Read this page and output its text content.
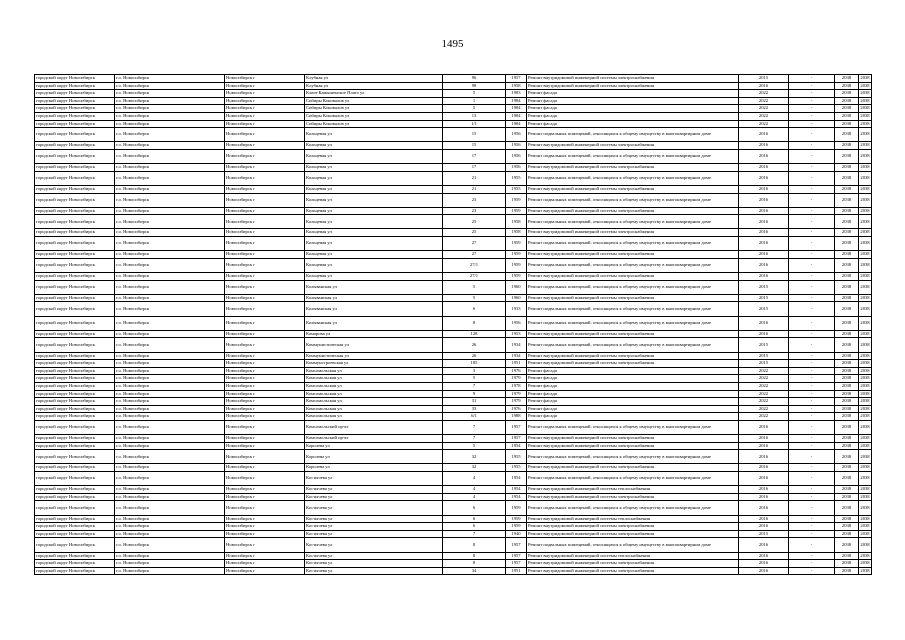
1495
городской округ Новосибирск	г.о. Новосибирск	Новосибирск г	Клубная ул	96	1957	Ремонт внутридомовой инженерной системы электроснабжения	2015	-	2038	2038
городской округ Новосибирск	г.о. Новосибирск	Новосибирск г	Клубная ул	98	1958	Ремонт внутридомовой инженерной системы электроснабжения	2016	-	2038	2038
городской округ Новосибирск	г.о. Новосибирск	Новосибирск г	Ключ-Камышенское Плато ул	5	1983	Ремонт фасада	2022	-	2038	2038
городской округ Новосибирск	г.о. Новосибирск	Новосибирск г	Сибиры Коновалов ул	1	1984	Ремонт фасада	2022	-	2038	2038
городской округ Новосибирск	г.о. Новосибирск	Новосибирск г	Сибиры Коновалов ул	5	1984	Ремонт фасада	2022	-	2038	2038
городской округ Новосибирск	г.о. Новосибирск	Новосибирск г	Сибиры Коновалов ул	13	1984	Ремонт фасада	2022	-	2038	2038
городской округ Новосибирск	г.о. Новосибирск	Новосибирск г	Сибиры Коновалов ул	1/1	1984	Ремонт фасада	2022	-	2038	2038
городской округ Новосибирск	г.о. Новосибирск	Новосибирск г	Кольцевая ул	15	1956	Ремонт подвальных помещений, относящихся к общему имуществу в многоквартирном доме	2016	-	2038	2038
городской округ Новосибирск	г.о. Новосибирск	Новосибирск г	Кольцевая ул	15	1956	Ремонт внутридомовой инженерной системы электроснабжения	2016	-	2038	2038
городской округ Новосибирск	г.о. Новосибирск	Новосибирск г	Кольцевая ул	17	1956	Ремонт подвальных помещений, относящихся к общему имуществу в многоквартирном доме	2016	-	2038	2038
городской округ Новосибирск	г.о. Новосибирск	Новосибирск г	Кольцевая ул	17	1956	Ремонт внутридомовой инженерной системы электроснабжения	2016	-	2038	2038
городской округ Новосибирск	г.о. Новосибирск	Новосибирск г	Кольцевая ул	21	1955	Ремонт подвальных помещений, относящихся к общему имуществу в многоквартирном доме	2016	-	2038	2038
городской округ Новосибирск	г.о. Новосибирск	Новосибирск г	Кольцевая ул	21	1955	Ремонт внутридомовой инженерной системы электроснабжения	2016	-	2038	2038
городской округ Новосибирск	г.о. Новосибирск	Новосибирск г	Кольцевая ул	23	1959	Ремонт подвальных помещений, относящихся к общему имуществу в многоквартирном доме	2016	-	2038	2038
городской округ Новосибирск	г.о. Новосибирск	Новосибирск г	Кольцевая ул	23	1959	Ремонт внутридомовой инженерной системы электроснабжения	2016	-	2038	2038
городской округ Новосибирск	г.о. Новосибирск	Новосибирск г	Кольцевая ул	25	1958	Ремонт подвальных помещений, относящихся к общему имуществу в многоквартирном доме	2016	-	2038	2038
городской округ Новосибирск	г.о. Новосибирск	Новосибирск г	Кольцевая ул	25	1958	Ремонт внутридомовой инженерной системы электроснабжения	2016	-	2038	2038
городской округ Новосибирск	г.о. Новосибирск	Новосибирск г	Кольцевая ул	27	1959	Ремонт подвальных помещений, относящихся к общему имуществу в многоквартирном доме	2016	-	2038	2038
городской округ Новосибирск	г.о. Новосибирск	Новосибирск г	Кольцевая ул	27	1959	Ремонт внутридомовой инженерной системы электроснабжения	2016	-	2038	2038
городской округ Новосибирск	г.о. Новосибирск	Новосибирск г	Кольцевая ул	27/1	1959	Ремонт подвальных помещений, относящихся к общему имуществу в многоквартирном доме	2016	-	2038	2038
городской округ Новосибирск	г.о. Новосибирск	Новосибирск г	Кольцевая ул	27/1	1959	Ремонт внутридомовой инженерной системы электроснабжения	2016	-	2038	2038
городской округ Новосибирск	г.о. Новосибирск	Новосибирск г	Колыванская ул	5	1960	Ремонт подвальных помещений, относящихся к общему имуществу в многоквартирном доме	2015	-	2038	2038
городской округ Новосибирск	г.о. Новосибирск	Новосибирск г	Колыванская ул	5	1960	Ремонт внутридомовой инженерной системы электроснабжения	2015	-	2038	2038
городской округ Новосибирск	г.о. Новосибирск	Новосибирск г	Колыванская ул	6	1933	Ремонт подвальных помещений, относящихся к общему имуществу в многоквартирном доме	2015	-	2038	2038
городской округ Новосибирск	г.о. Новосибирск	Новосибирск г	Колыванская ул	8	1956	Ремонт подвальных помещений, относящихся к общему имуществу в многоквартирном доме	2016	-	2038	2038
городской округ Новосибирск	г.о. Новосибирск	Новосибирск г	Комарова ул	128	1953	Ремонт внутридомовой инженерной системы электроснабжения	2016	-	2038	2038
городской округ Новосибирск	г.о. Новосибирск	Новосибирск г	Коммунистическая ул	26	1934	Ремонт подвальных помещений, относящихся к общему имуществу в многоквартирном доме	2015	-	2038	2038
городской округ Новосибирск	г.о. Новосибирск	Новосибирск г	Коммунистическая ул	26	1934	Ремонт внутридомовой инженерной системы электроснабжения	2015	-	2038	2038
городской округ Новосибирск	г.о. Новосибирск	Новосибирск г	Коммунстроевская ул	185	1951	Ремонт внутридомовой инженерной системы электроснабжения	2015	-	2038	2038
городской округ Новосибирск	г.о. Новосибирск	Новосибирск г	Комсомольская ул	3	1976	Ремонт фасада	2022	-	2038	2038
городской округ Новосибирск	г.о. Новосибирск	Новосибирск г	Комсомольская ул	5	1979	Ремонт фасада	2022	-	2038	2038
городской округ Новосибирск	г.о. Новосибирск	Новосибирск г	Комсомольская ул	7	1978	Ремонт фасада	2022	-	2038	2038
городской округ Новосибирск	г.о. Новосибирск	Новосибирск г	Комсомольская ул	9	1979	Ремонт фасада	2022	-	2038	2038
городской округ Новосибирск	г.о. Новосибирск	Новосибирск г	Комсомольская ул	31	1979	Ремонт фасада	2022	-	2038	2038
городской округ Новосибирск	г.о. Новосибирск	Новосибирск г	Комсомольская ул	33	1976	Ремонт фасада	2022	-	2038	2038
городской округ Новосибирск	г.о. Новосибирск	Новосибирск г	Комсомольская ул	6/1	1988	Ремонт фасада	2022	-	2038	2038
городской округ Новосибирск	г.о. Новосибирск	Новосибирск г	Комсомольский пр-кт	7	1957	Ремонт подвальных помещений, относящихся к общему имуществу в многоквартирном доме	2016	-	2038	2038
городской округ Новосибирск	г.о. Новосибирск	Новосибирск г	Комсомольский пр-кт	7	1957	Ремонт внутридомовой инженерной системы электроснабжения	2016	-	2038	2038
городской округ Новосибирск	г.о. Новосибирск	Новосибирск г	Королева ул	5	1954	Ремонт внутридомовой инженерной системы электроснабжения	2016	-	2038	2038
городской округ Новосибирск	г.о. Новосибирск	Новосибирск г	Королева ул	32	1955	Ремонт подвальных помещений, относящихся к общему имуществу в многоквартирном доме	2016	-	2038	2038
городской округ Новосибирск	г.о. Новосибирск	Новосибирск г	Королева ул	32	1955	Ремонт внутридомовой инженерной системы электроснабжения	2016	-	2038	2038
городской округ Новосибирск	г.о. Новосибирск	Новосибирск г	Костычева ул	4	1954	Ремонт подвальных помещений, относящихся к общему имуществу в многоквартирном доме	2016	-	2038	2038
городской округ Новосибирск	г.о. Новосибирск	Новосибирск г	Костычева ул	4	1954	Ремонт внутридомовой инженерной системы теплоснабжения	2016	-	2038	2038
городской округ Новосибирск	г.о. Новосибирск	Новосибирск г	Костычева ул	4	1954	Ремонт внутридомовой инженерной системы электроснабжения	2016	-	2038	2038
городской округ Новосибирск	г.о. Новосибирск	Новосибирск г	Костычева ул	6	1959	Ремонт подвальных помещений, относящихся к общему имуществу в многоквартирном доме	2016	-	2038	2038
городской округ Новосибирск	г.о. Новосибирск	Новосибирск г	Костычева ул	6	1959	Ремонт внутридомовой инженерной системы теплоснабжения	2016	-	2038	2038
городской округ Новосибирск	г.о. Новосибирск	Новосибирск г	Костычева ул	6	1959	Ремонт внутридомовой инженерной системы электроснабжения	2016	-	2038	2038
городской округ Новосибирск	г.о. Новосибирск	Новосибирск г	Костычева ул	7	1940	Ремонт внутридомовой инженерной системы электроснабжения	2015	-	2038	2038
городской округ Новосибирск	г.о. Новосибирск	Новосибирск г	Костычева ул	8	1957	Ремонт подвальных помещений, относящихся к общему имуществу в многоквартирном доме	2016	-	2038	2038
городской округ Новосибирск	г.о. Новосибирск	Новосибирск г	Костычева ул	8	1957	Ремонт внутридомовой инженерной системы теплоснабжения	2016	-	2038	2038
городской округ Новосибирск	г.о. Новосибирск	Новосибирск г	Костычева ул	8	1957	Ремонт внутридомовой инженерной системы электроснабжения	2016	-	2038	2038
городской округ Новосибирск	г.о. Новосибирск	Новосибирск г	Костычева ул	34	1951	Ремонт внутридомовой инженерной системы электроснабжения	2016	-	2038	2038
